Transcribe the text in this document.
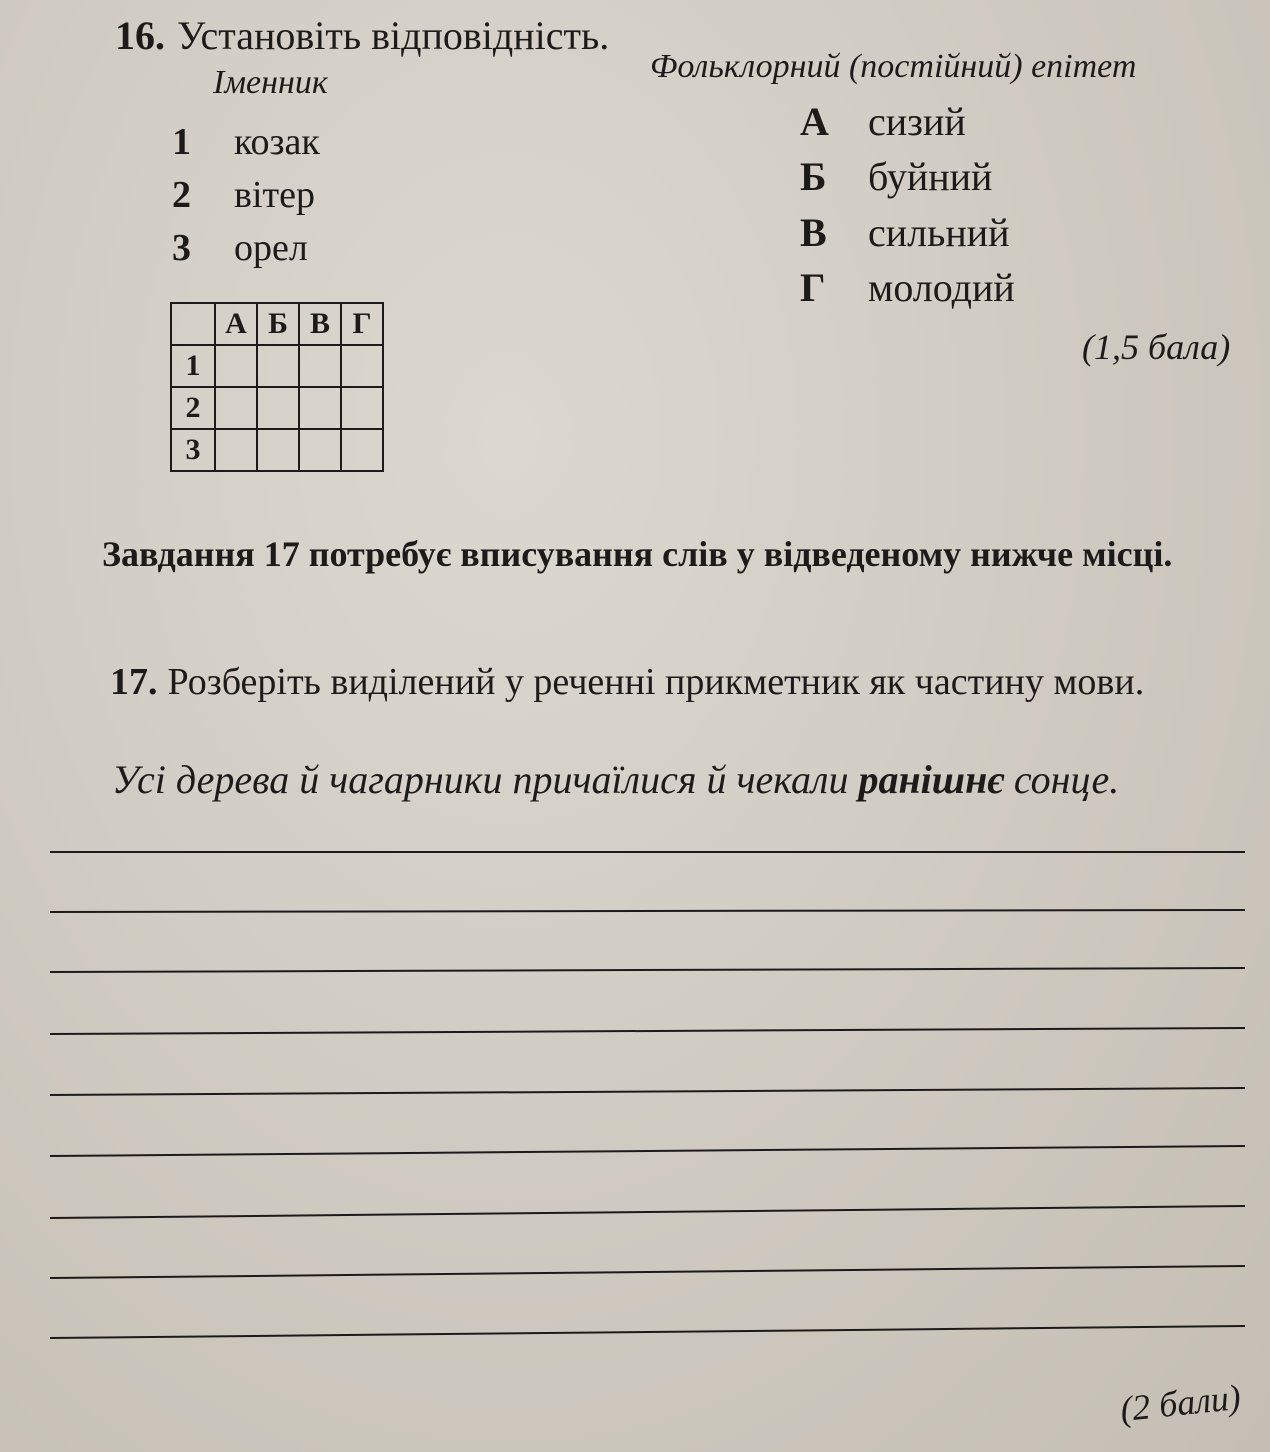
16. Установіть відповідність.
Іменник	Фольклорний (постійний) епітет
1 козак
2 вітер
3 орел
А сизий
Б буйний
В сильний
Г молодий
	А	Б	В	Г
1				
2				
3				
(1,5 бала)
Завдання 17 потребує вписування слів у відведеному нижче місці.
17. Розберіть виділений у реченні прикметник як частину мови.
Усі дерева й чагарники причаїлися й чекали ранішнє сонце.
(2 бали)
